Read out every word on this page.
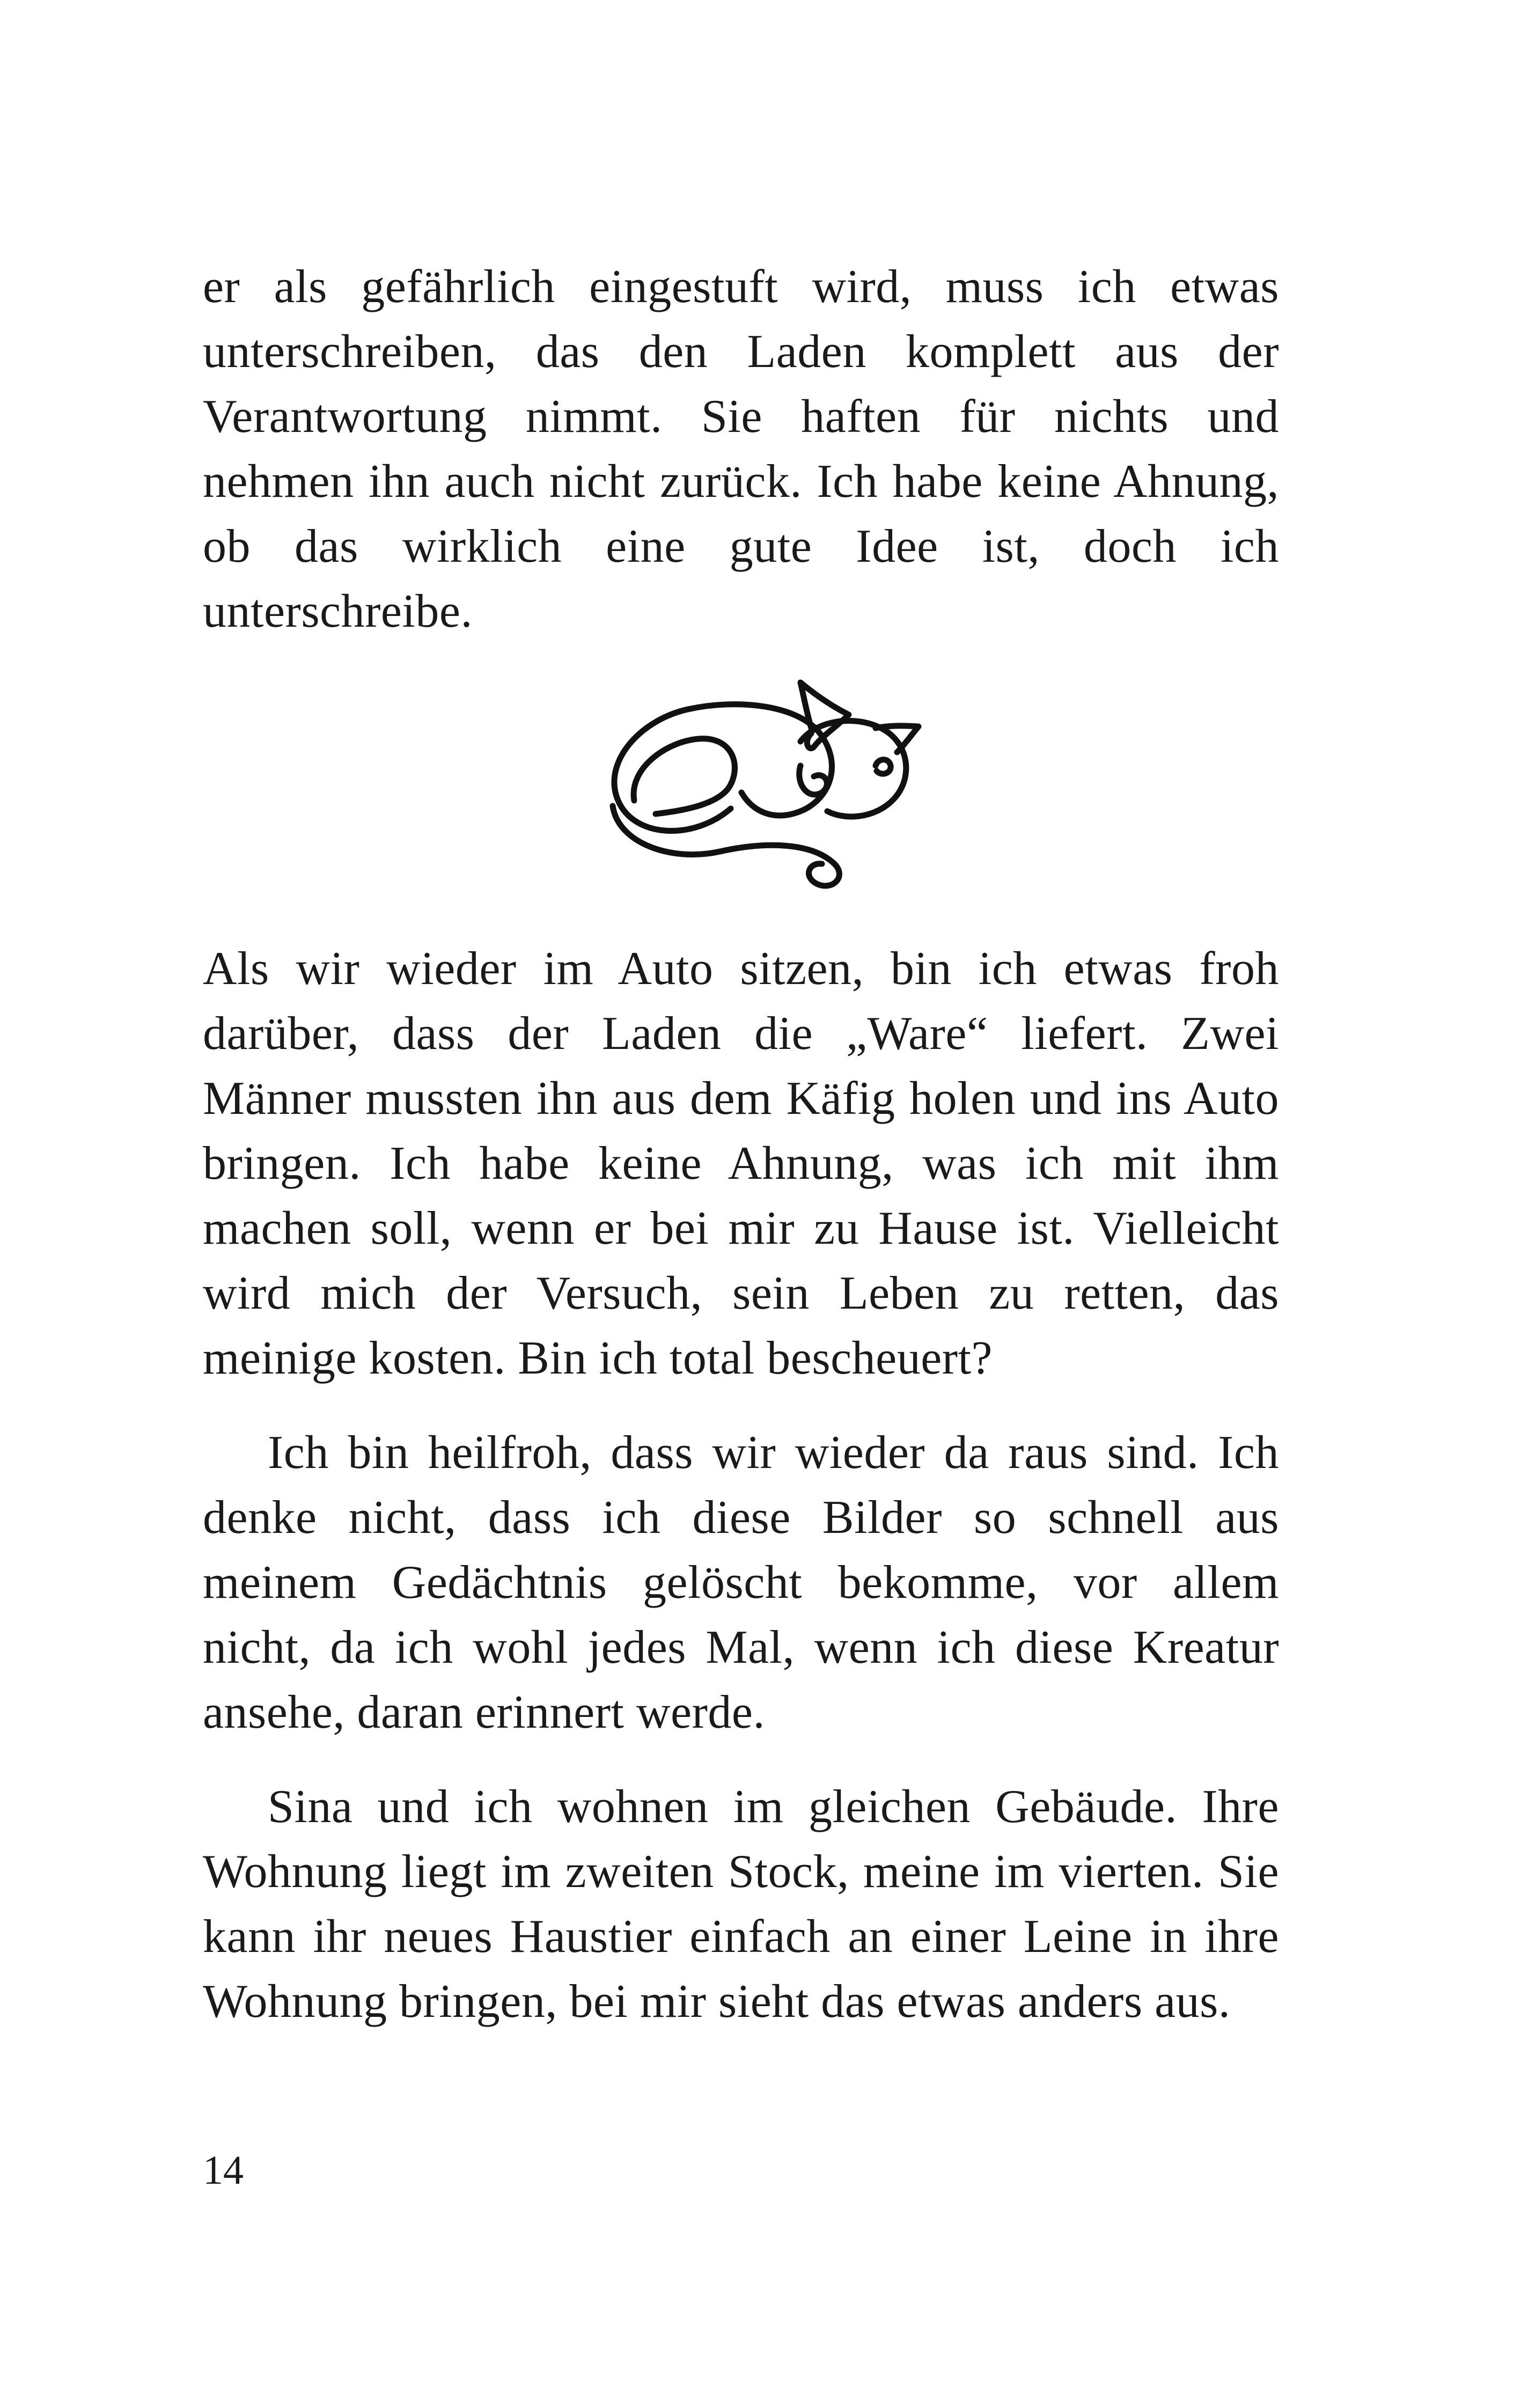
er als gefährlich eingestuft wird, muss ich etwas unterschreiben, das den Laden komplett aus der Verantwortung nimmt. Sie haften für nichts und nehmen ihn auch nicht zurück. Ich habe keine Ahnung, ob das wirklich eine gute Idee ist, doch ich unterschreibe.

Als wir wieder im Auto sitzen, bin ich etwas froh darüber, dass der Laden die „Ware“ liefert. Zwei Männer mussten ihn aus dem Käfig holen und ins Auto bringen. Ich habe keine Ahnung, was ich mit ihm machen soll, wenn er bei mir zu Hause ist. Vielleicht wird mich der Versuch, sein Leben zu retten, das meinige kosten. Bin ich total bescheuert?

Ich bin heilfroh, dass wir wieder da raus sind. Ich denke nicht, dass ich diese Bilder so schnell aus meinem Gedächtnis gelöscht bekomme, vor allem nicht, da ich wohl jedes Mal, wenn ich diese Kreatur ansehe, daran erinnert werde.

Sina und ich wohnen im gleichen Gebäude. Ihre Wohnung liegt im zweiten Stock, meine im vierten. Sie kann ihr neues Haustier einfach an einer Leine in ihre Wohnung bringen, bei mir sieht das etwas anders aus.

14
